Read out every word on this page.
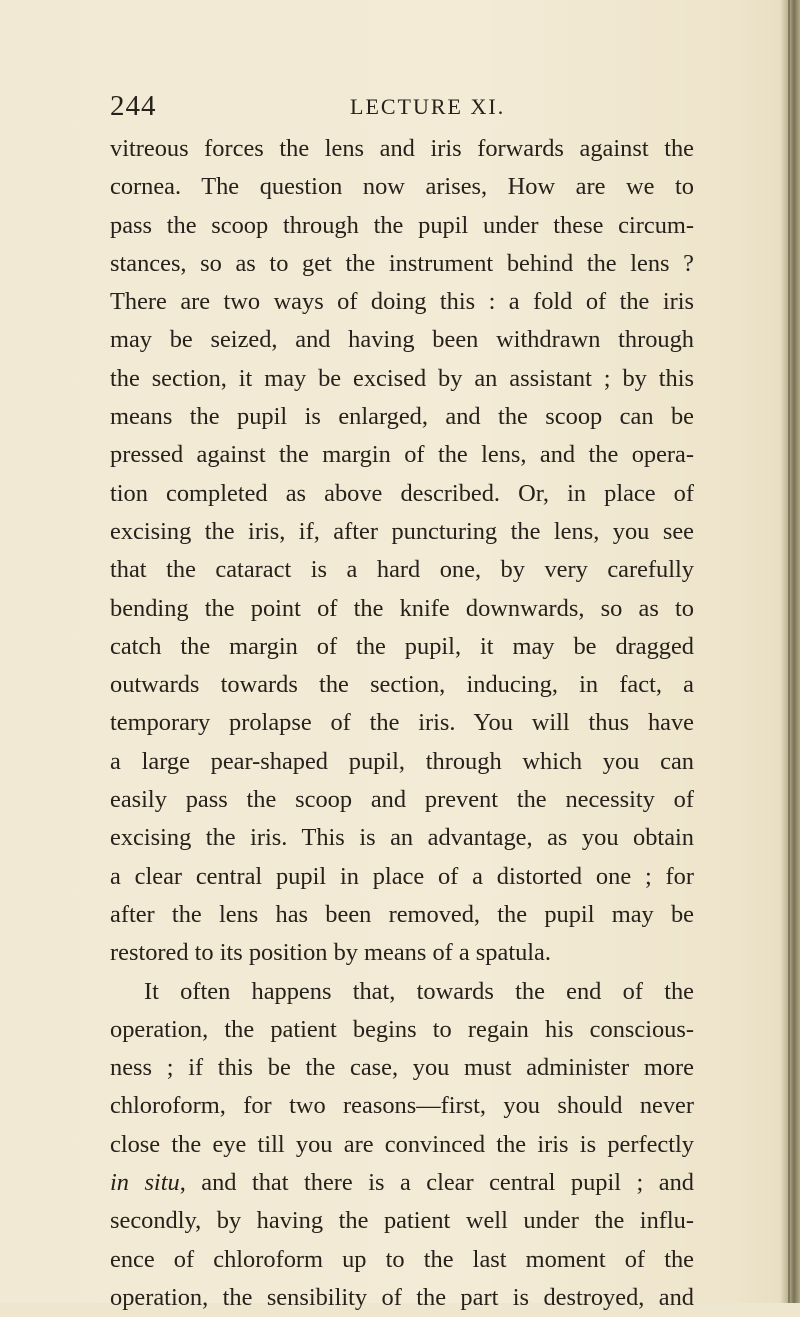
244	LECTURE XI.
vitreous forces the lens and iris forwards against the
cornea. The question now arises, How are we to
pass the scoop through the pupil under these circum-
stances, so as to get the instrument behind the lens ?
There are two ways of doing this : a fold of the iris
may be seized, and having been withdrawn through
the section, it may be excised by an assistant ; by this
means the pupil is enlarged, and the scoop can be
pressed against the margin of the lens, and the opera-
tion completed as above described. Or, in place of
excising the iris, if, after puncturing the lens, you see
that the cataract is a hard one, by very carefully
bending the point of the knife downwards, so as to
catch the margin of the pupil, it may be dragged
outwards towards the section, inducing, in fact, a
temporary prolapse of the iris. You will thus have
a large pear-shaped pupil, through which you can
easily pass the scoop and prevent the necessity of
excising the iris. This is an advantage, as you obtain
a clear central pupil in place of a distorted one ; for
after the lens has been removed, the pupil may be
restored to its position by means of a spatula.
It often happens that, towards the end of the
operation, the patient begins to regain his conscious-
ness ; if this be the case, you must administer more
chloroform, for two reasons—first, you should never
close the eye till you are convinced the iris is perfectly
in situ, and that there is a clear central pupil ; and
secondly, by having the patient well under the influ-
ence of chloroform up to the last moment of the
operation, the sensibility of the part is destroyed, and
